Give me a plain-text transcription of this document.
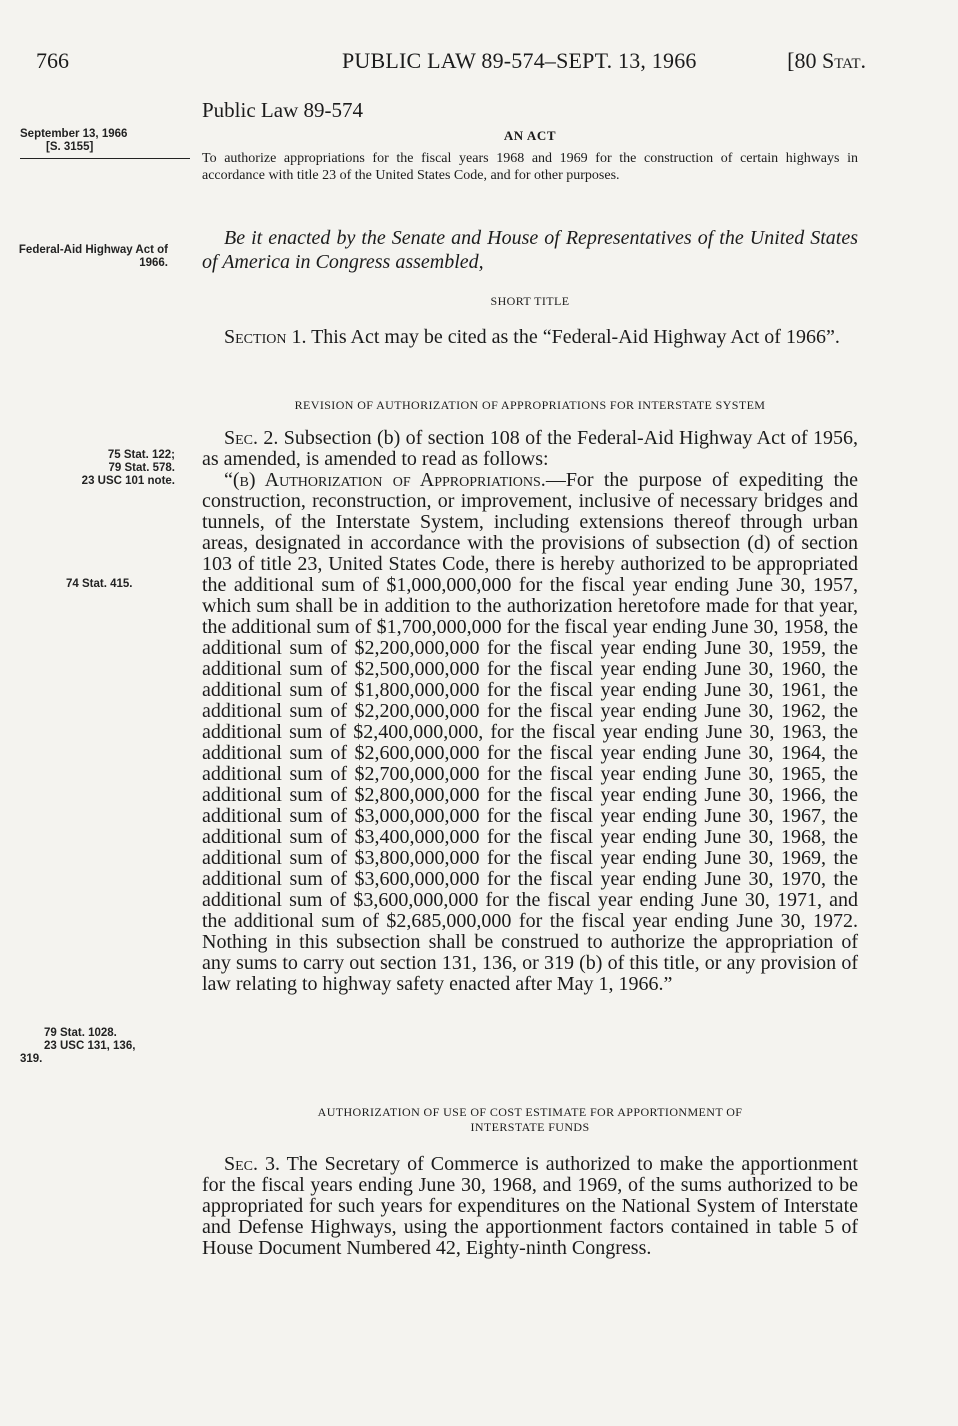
766	PUBLIC LAW 89-574–SEPT. 13, 1966	[80 Stat.
September 13, 1966
[S. 3155]
Federal-Aid Highway Act of 1966.
75 Stat. 122;
79 Stat. 578.
23 USC 101 note.
74 Stat. 415.
79 Stat. 1028.
23 USC 131, 136,
319.
Public Law 89-574
AN ACT
To authorize appropriations for the fiscal years 1968 and 1969 for the construction of certain highways in accordance with title 23 of the United States Code, and for other purposes.
Be it enacted by the Senate and House of Representatives of the United States of America in Congress assembled,
SHORT TITLE
Section 1. This Act may be cited as the “Federal-Aid Highway Act of 1966”.
REVISION OF AUTHORIZATION OF APPROPRIATIONS FOR INTERSTATE SYSTEM
Sec. 2. Subsection (b) of section 108 of the Federal-Aid Highway Act of 1956, as amended, is amended to read as follows:
“(b) Authorization of Appropriations.—For the purpose of expediting the construction, reconstruction, or improvement, inclusive of necessary bridges and tunnels, of the Interstate System, including extensions thereof through urban areas, designated in accordance with the provisions of subsection (d) of section 103 of title 23, United States Code, there is hereby authorized to be appropriated the additional sum of $1,000,000,000 for the fiscal year ending June 30, 1957, which sum shall be in addition to the authorization heretofore made for that year, the additional sum of $1,700,000,000 for the fiscal year ending June 30, 1958, the additional sum of $2,200,000,000 for the fiscal year ending June 30, 1959, the additional sum of $2,500,000,000 for the fiscal year ending June 30, 1960, the additional sum of $1,800,000,000 for the fiscal year ending June 30, 1961, the additional sum of $2,200,000,000 for the fiscal year ending June 30, 1962, the additional sum of $2,400,000,000, for the fiscal year ending June 30, 1963, the additional sum of $2,600,000,000 for the fiscal year ending June 30, 1964, the additional sum of $2,700,000,000 for the fiscal year ending June 30, 1965, the additional sum of $2,800,000,000 for the fiscal year ending June 30, 1966, the additional sum of $3,000,000,000 for the fiscal year ending June 30, 1967, the additional sum of $3,400,000,000 for the fiscal year ending June 30, 1968, the additional sum of $3,800,000,000 for the fiscal year ending June 30, 1969, the additional sum of $3,600,000,000 for the fiscal year ending June 30, 1970, the additional sum of $3,600,000,000 for the fiscal year ending June 30, 1971, and the additional sum of $2,685,000,000 for the fiscal year ending June 30, 1972. Nothing in this subsection shall be construed to authorize the appropriation of any sums to carry out section 131, 136, or 319 (b) of this title, or any provision of law relating to highway safety enacted after May 1, 1966.”
AUTHORIZATION OF USE OF COST ESTIMATE FOR APPORTIONMENT OF
INTERSTATE FUNDS
Sec. 3. The Secretary of Commerce is authorized to make the apportionment for the fiscal years ending June 30, 1968, and 1969, of the sums authorized to be appropriated for such years for expenditures on the National System of Interstate and Defense Highways, using the apportionment factors contained in table 5 of House Document Numbered 42, Eighty-ninth Congress.
